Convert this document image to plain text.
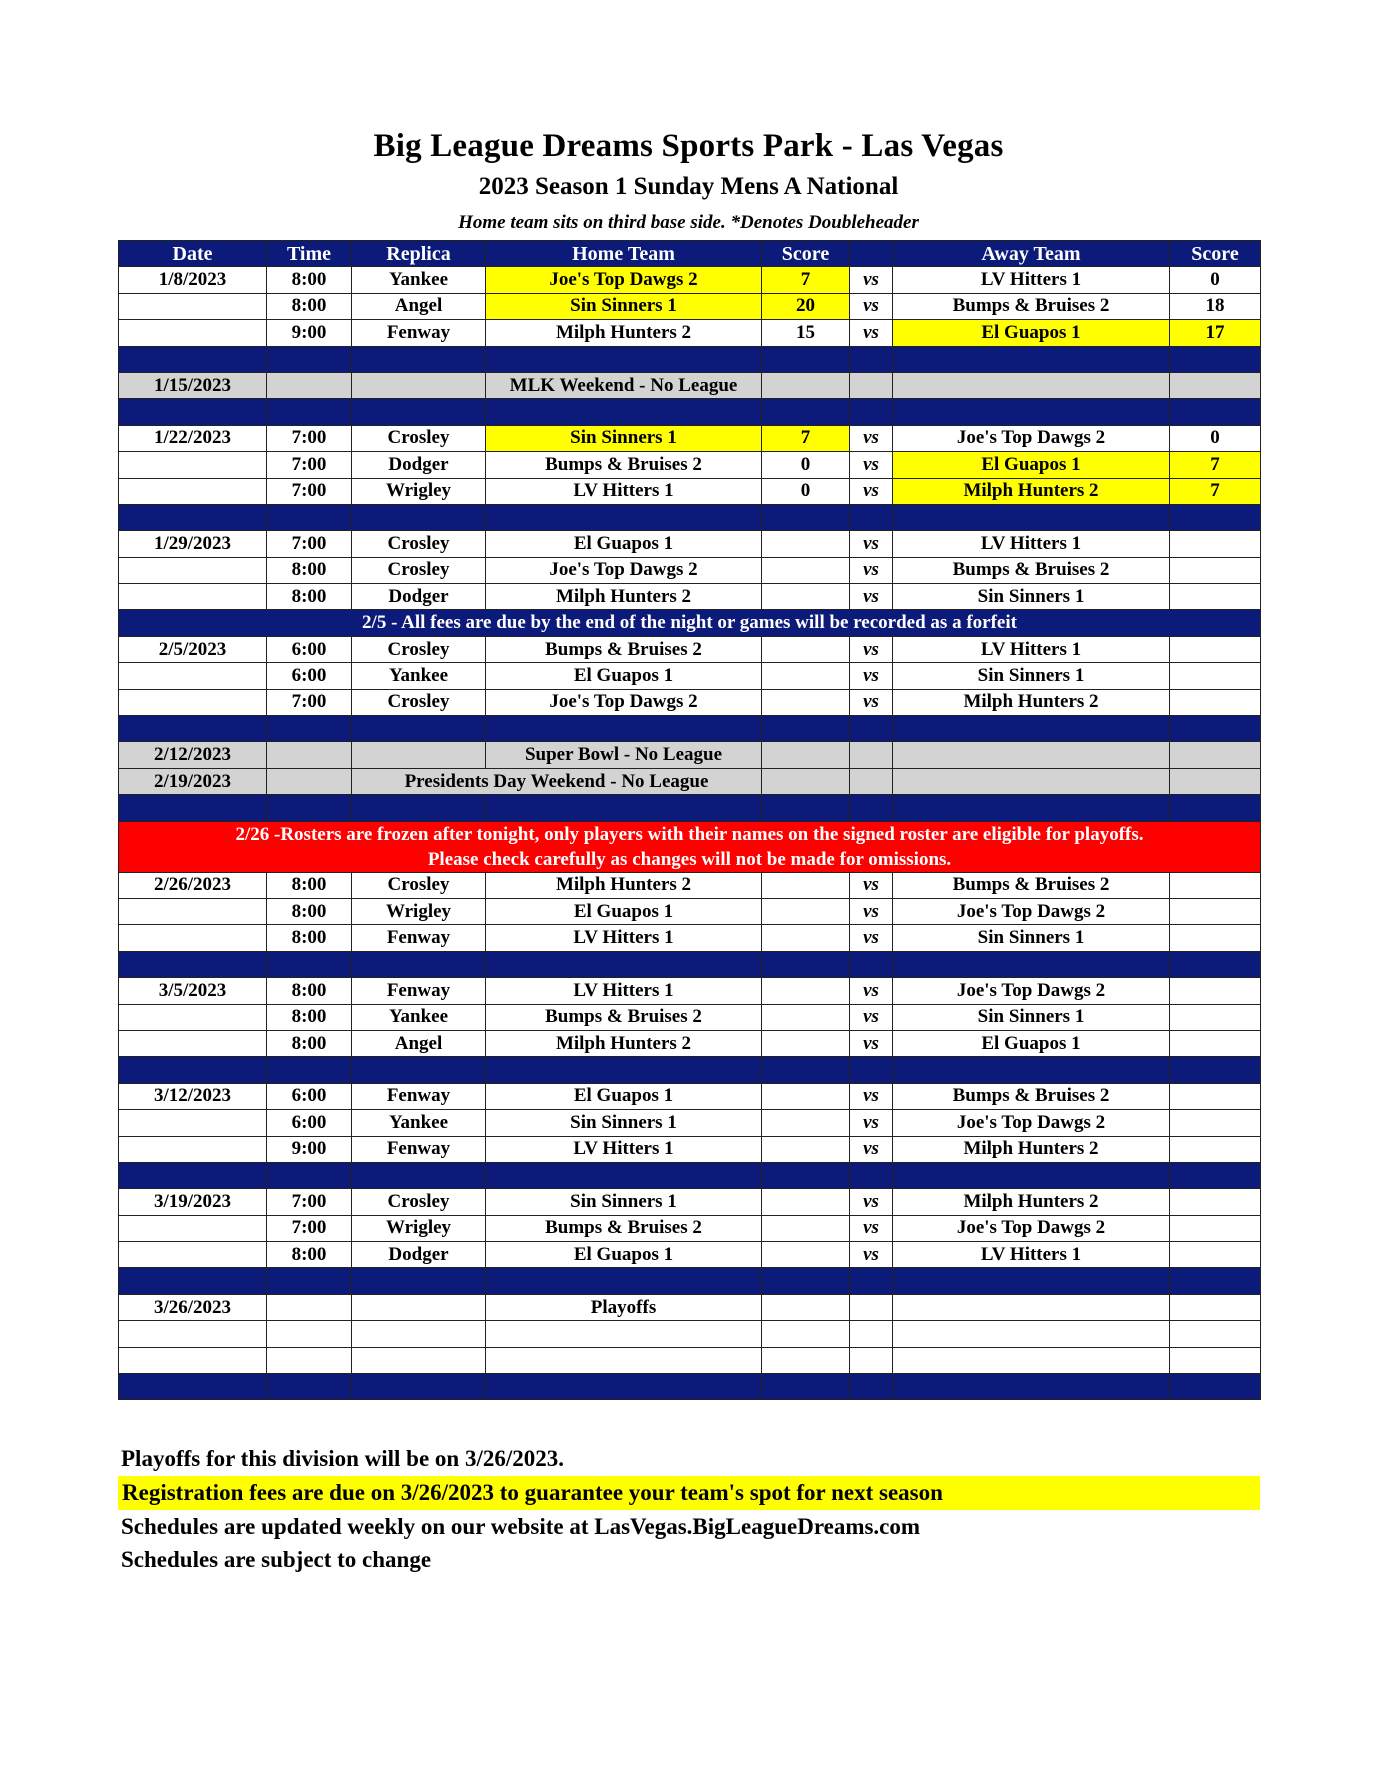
Big League Dreams Sports Park - Las Vegas
2023 Season 1 Sunday Mens A National
Home team sits on third base side. *Denotes Doubleheader
Date	Time	Replica	Home Team	Score		Away Team	Score
1/8/2023	8:00	Yankee	Joe's Top Dawgs 2	7	vs	LV Hitters 1	0
	8:00	Angel	Sin Sinners 1	20	vs	Bumps & Bruises 2	18
	9:00	Fenway	Milph Hunters 2	15	vs	El Guapos 1	17

1/15/2023			MLK Weekend - No League				

1/22/2023	7:00	Crosley	Sin Sinners 1	7	vs	Joe's Top Dawgs 2	0
	7:00	Dodger	Bumps & Bruises 2	0	vs	El Guapos 1	7
	7:00	Wrigley	LV Hitters 1	0	vs	Milph Hunters 2	7

1/29/2023	7:00	Crosley	El Guapos 1		vs	LV Hitters 1	
	8:00	Crosley	Joe's Top Dawgs 2		vs	Bumps & Bruises 2	
	8:00	Dodger	Milph Hunters 2		vs	Sin Sinners 1	
2/5 - All fees are due by the end of the night or games will be recorded as a forfeit							
2/5/2023	6:00	Crosley	Bumps & Bruises 2		vs	LV Hitters 1	
	6:00	Yankee	El Guapos 1		vs	Sin Sinners 1	
	7:00	Crosley	Joe's Top Dawgs 2		vs	Milph Hunters 2	

2/12/2023			Super Bowl - No League				
2/19/2023		Presidents Day Weekend - No League					

2/26 -Rosters are frozen after tonight, only players with their names on the signed roster are eligible for playoffs.
Please check carefully as changes will not be made for omissions.							

2/26/2023	8:00	Crosley	Milph Hunters 2		vs	Bumps & Bruises 2	
	8:00	Wrigley	El Guapos 1		vs	Joe's Top Dawgs 2	
	8:00	Fenway	LV Hitters 1		vs	Sin Sinners 1	

3/5/2023	8:00	Fenway	LV Hitters 1		vs	Joe's Top Dawgs 2	
	8:00	Yankee	Bumps & Bruises 2		vs	Sin Sinners 1	
	8:00	Angel	Milph Hunters 2		vs	El Guapos 1	

3/12/2023	6:00	Fenway	El Guapos 1		vs	Bumps & Bruises 2	
	6:00	Yankee	Sin Sinners 1		vs	Joe's Top Dawgs 2	
	9:00	Fenway	LV Hitters 1		vs	Milph Hunters 2	

3/19/2023	7:00	Crosley	Sin Sinners 1		vs	Milph Hunters 2	
	7:00	Wrigley	Bumps & Bruises 2		vs	Joe's Top Dawgs 2	
	8:00	Dodger	El Guapos 1		vs	LV Hitters 1	

3/26/2023			Playoffs				

Playoffs for this division will be on 3/26/2023.
Registration fees are due on 3/26/2023 to guarantee your team's spot for next season
Schedules are updated weekly on our website at LasVegas.BigLeagueDreams.com
Schedules are subject to change
